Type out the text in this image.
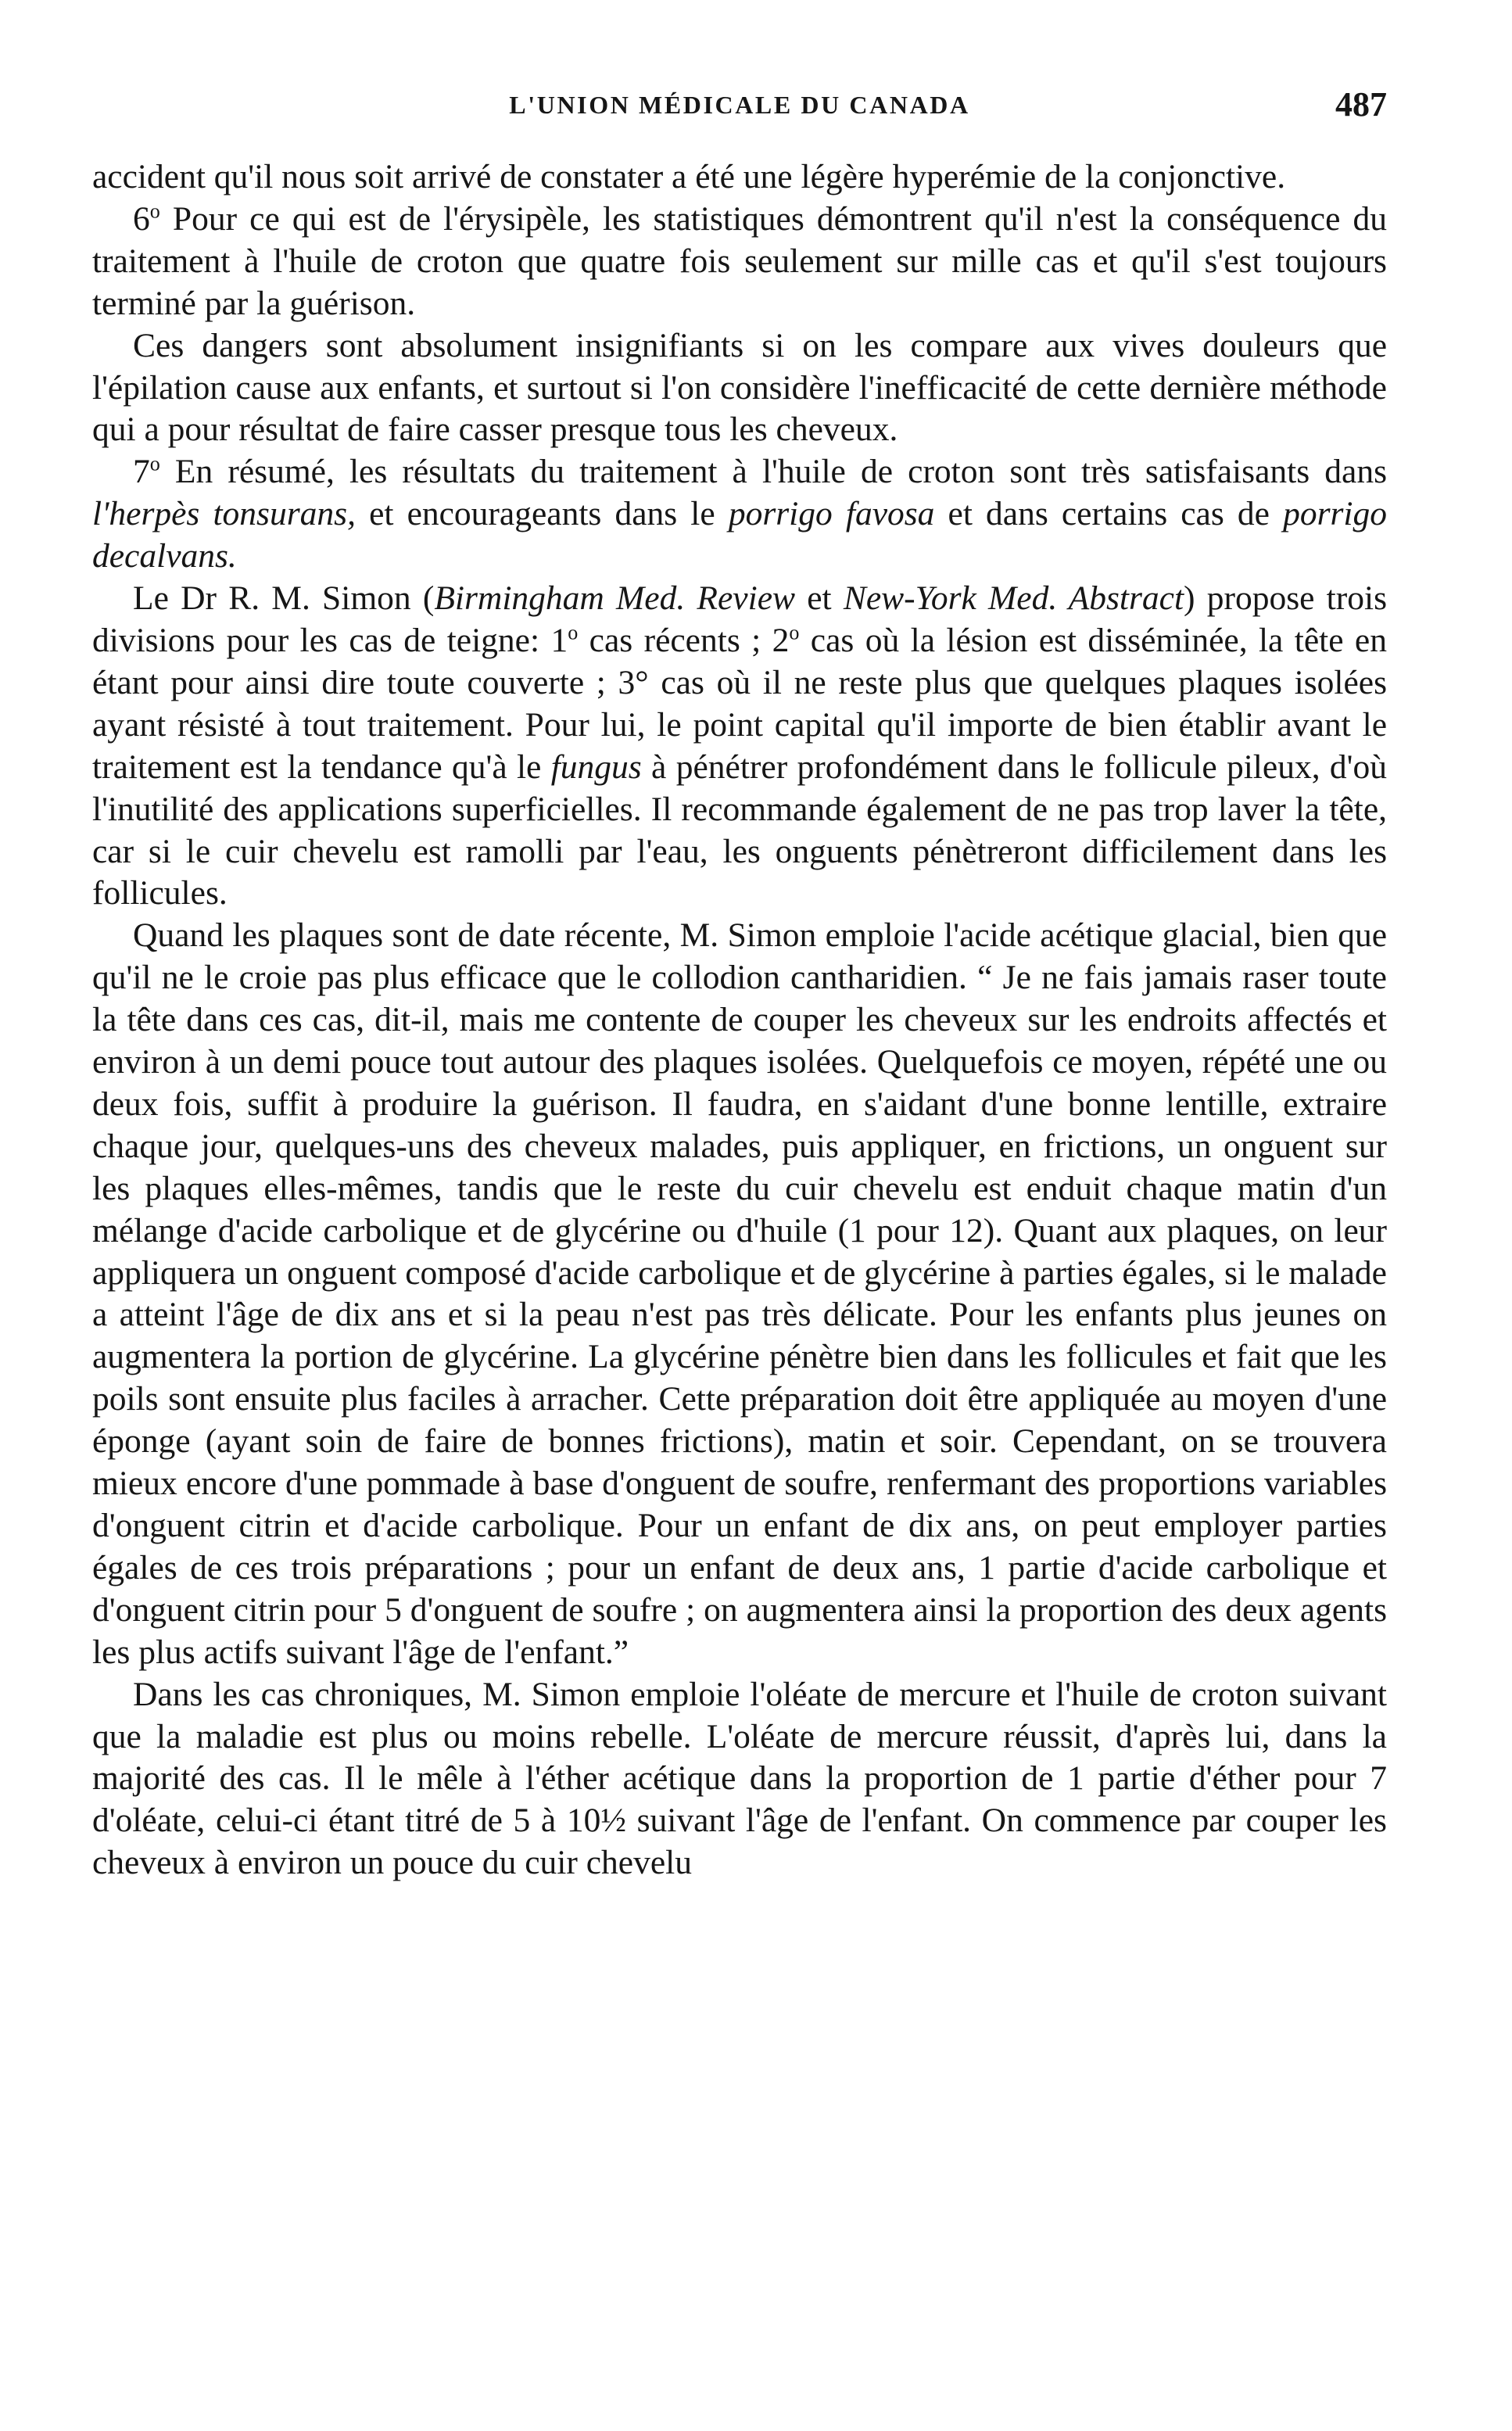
L'UNION MÉDICALE DU CANADA	487

accident qu'il nous soit arrivé de constater a été une légère hyperémie de la conjonctive.

6$^o$ Pour ce qui est de l'érysipèle, les statistiques démontrent qu'il n'est la conséquence du traitement à l'huile de croton que quatre fois seulement sur mille cas et qu'il s'est toujours terminé par la guérison.

Ces dangers sont absolument insignifiants si on les compare aux vives douleurs que l'épilation cause aux enfants, et surtout si l'on considère l'inefficacité de cette dernière méthode qui a pour résultat de faire casser presque tous les cheveux.

7$^o$ En résumé, les résultats du traitement à l'huile de croton sont très satisfaisants dans l'herpès tonsurans, et encourageants dans le porrigo favosa et dans certains cas de porrigo decalvans.

Le Dr R. M. Simon (Birmingham Med. Review et New-York Med. Abstract) propose trois divisions pour les cas de teigne: 1$^o$ cas récents ; 2$^o$ cas où la lésion est disséminée, la tête en étant pour ainsi dire toute couverte ; 3° cas où il ne reste plus que quelques plaques isolées ayant résisté à tout traitement. Pour lui, le point capital qu'il importe de bien établir avant le traitement est la tendance qu'à le fungus à pénétrer profondément dans le follicule pileux, d'où l'inutilité des applications superficielles. Il recommande également de ne pas trop laver la tête, car si le cuir chevelu est ramolli par l'eau, les onguents pénètreront difficilement dans les follicules.

Quand les plaques sont de date récente, M. Simon emploie l'acide acétique glacial, bien que qu'il ne le croie pas plus efficace que le collodion cantharidien. “ Je ne fais jamais raser toute la tête dans ces cas, dit-il, mais me contente de couper les cheveux sur les endroits affectés et environ à un demi pouce tout autour des plaques isolées. Quelquefois ce moyen, répété une ou deux fois, suffit à produire la guérison. Il faudra, en s'aidant d'une bonne lentille, extraire chaque jour, quelques-uns des cheveux malades, puis appliquer, en frictions, un onguent sur les plaques elles-mêmes, tandis que le reste du cuir chevelu est enduit chaque matin d'un mélange d'acide carbolique et de glycérine ou d'huile (1 pour 12). Quant aux plaques, on leur appliquera un onguent composé d'acide carbolique et de glycérine à parties égales, si le malade a atteint l'âge de dix ans et si la peau n'est pas très délicate. Pour les enfants plus jeunes on augmentera la portion de glycérine. La glycérine pénètre bien dans les follicules et fait que les poils sont ensuite plus faciles à arracher. Cette préparation doit être appliquée au moyen d'une éponge (ayant soin de faire de bonnes frictions), matin et soir. Cependant, on se trouvera mieux encore d'une pommade à base d'onguent de soufre, renfermant des proportions variables d'onguent citrin et d'acide carbolique. Pour un enfant de dix ans, on peut employer parties égales de ces trois préparations ; pour un enfant de deux ans, 1 partie d'acide carbolique et d'onguent citrin pour 5 d'onguent de soufre ; on augmentera ainsi la proportion des deux agents les plus actifs suivant l'âge de l'enfant.”

Dans les cas chroniques, M. Simon emploie l'oléate de mercure et l'huile de croton suivant que la maladie est plus ou moins rebelle. L'oléate de mercure réussit, d'après lui, dans la majorité des cas. Il le mêle à l'éther acétique dans la proportion de 1 partie d'éther pour 7 d'oléate, celui-ci étant titré de 5 à 10½ suivant l'âge de l'enfant. On commence par couper les cheveux à environ un pouce du cuir chevelu
